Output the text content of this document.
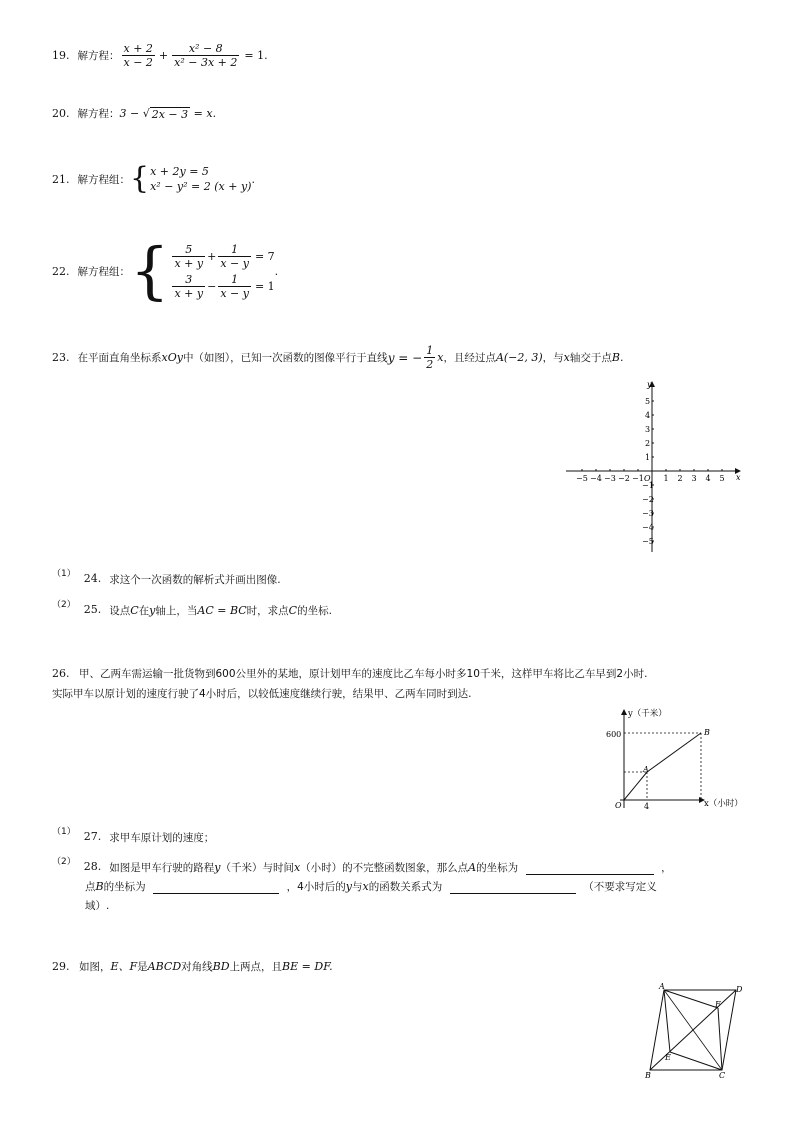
19. 解方程： $\frac{x + 2}{x - 2} + \frac{\text{x² − 8}}{\text{x² − 3x + 2}} = 1$.
20. 解方程： 3 − √ 2x − 3 = x.
21. 解方程组： { x + 2y = 5
x² − y² = 2 (x + y)
.
22. 解方程组： { $\frac{5}{x + y} + \frac{1}{x - y} = 7$
$\frac{3}{x + y} - \frac{1}{x - y} = 1$
.
23. 在平面直角坐标系 xOy 中（如图），已知一次函数的图像平行于直线 y = − $\frac{1}{2}$ x ，且经过点 A(−2, 3) ，与 x 轴交于点 B.
−5 −4 −3 −2 −1 1 2 3 4 5
5
4
3
2
1
−1
−2
−3
−4
−5
y
x
O
（1） 24. 求这个一次函数的解析式并画出图像.
（2） 25. 设点C在y轴上，当AC = BC时，求点C的坐标.
26. 甲、乙两车需运输一批货物到600公里外的某地，原计划甲车的速度比乙车每小时多10千米，这样甲车将比乙车早到2小时.
实际甲车以原计划的速度行驶了4小时后，以较低速度继续行驶，结果甲、乙两车同时到达.
y（千米）
x（小时）
600
4
O
A
B
（1） 27. 求甲车原计划的速度；
（2） 28. 如图是甲车行驶的路程y（千米）与时间x（小时）的不完整函数图象，那么点A的坐标为	，
点B的坐标为	，4小时后的y与x的函数关系式为	（不要求写定义
域）.
29. 如图，E、F是ABCD对角线BD上两点，且BE = DF.
A	D
B	C
E
F
